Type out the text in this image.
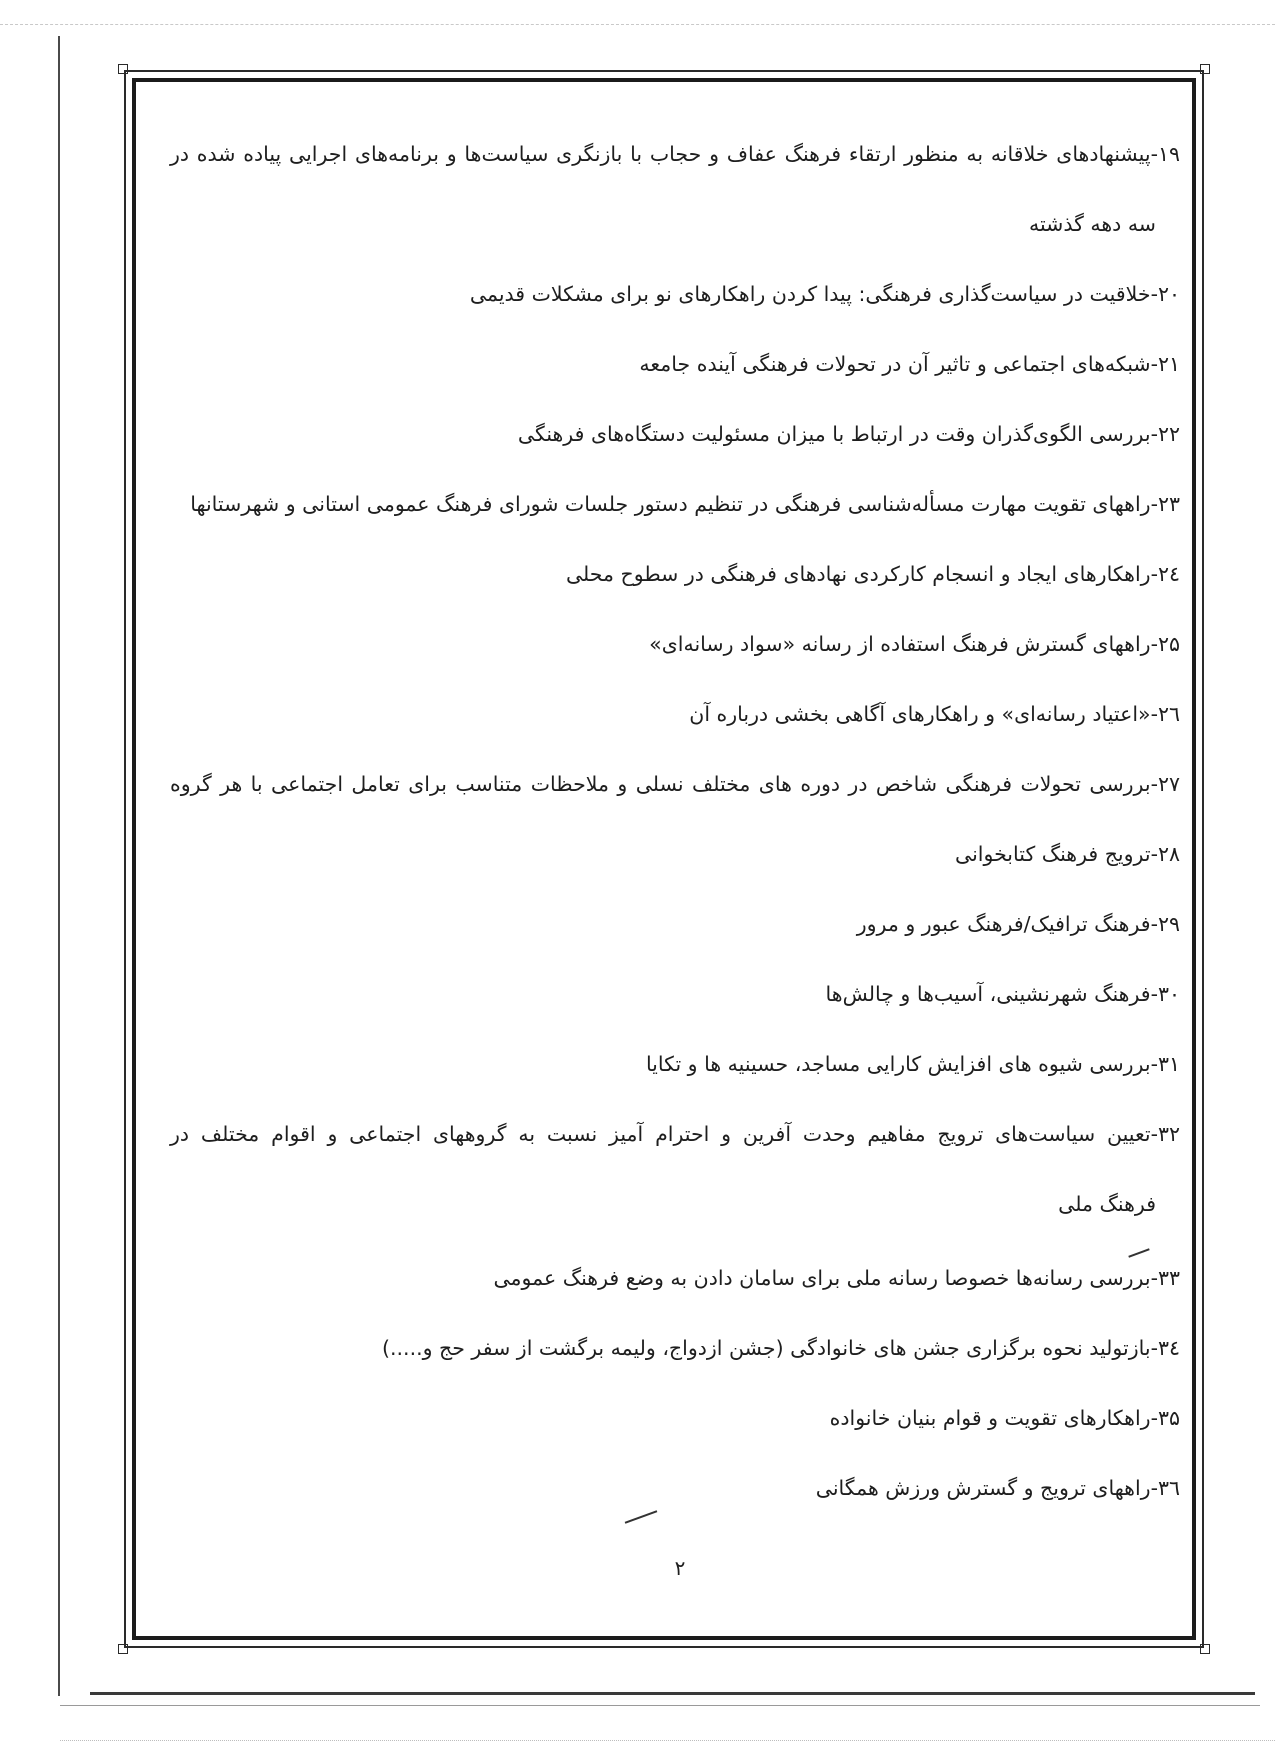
۱۹-پیشنهادهای خلاقانه به منظور ارتقاء فرهنگ عفاف و حجاب با بازنگری سیاست‌ها و برنامه‌های اجرایی پیاده شده در
سه دهه گذشته
۲۰-خلاقیت در سیاست‌گذاری فرهنگی: پیدا کردن راهکارهای نو برای مشکلات قدیمی
۲۱-شبکه‌های اجتماعی و تاثیر آن در تحولات فرهنگی آینده جامعه
۲۲-بررسی الگوی‌گذران وقت در ارتباط با میزان مسئولیت دستگاه‌های فرهنگی
۲۳-راههای تقویت مهارت مسأله‌شناسی فرهنگی در تنظیم دستور جلسات شورای فرهنگ عمومی استانی و شهرستانها
۲٤-راهکارهای ایجاد و انسجام کارکردی نهادهای فرهنگی در سطوح محلی
۲۵-راههای گسترش فرهنگ استفاده از رسانه «سواد رسانه‌ای»
۲٦-«اعتیاد رسانه‌ای» و راهکارهای آگاهی بخشی درباره آن
۲۷-بررسی تحولات فرهنگی شاخص در دوره های مختلف نسلی و ملاحظات متناسب برای تعامل اجتماعی با هر گروه
۲۸-ترویج فرهنگ کتابخوانی
۲۹-فرهنگ ترافیک/فرهنگ عبور و مرور
۳۰-فرهنگ شهرنشینی، آسیب‌ها و چالش‌ها
۳۱-بررسی شیوه های افزایش کارایی مساجد، حسینیه ها و تکایا
۳۲-تعیین سیاست‌های ترویج مفاهیم وحدت آفرین و احترام آمیز نسبت به گروههای اجتماعی و اقوام مختلف در
فرهنگ ملی
۳۳-بررسی رسانه‌ها خصوصا رسانه ملی برای سامان دادن به وضع فرهنگ عمومی
۳٤-بازتولید نحوه برگزاری جشن های خانوادگی (جشن ازدواج، ولیمه برگشت از سفر حج و.....)
۳۵-راهکارهای تقویت و قوام بنیان خانواده
۳٦-راههای ترویج و گسترش ورزش همگانی
۲
